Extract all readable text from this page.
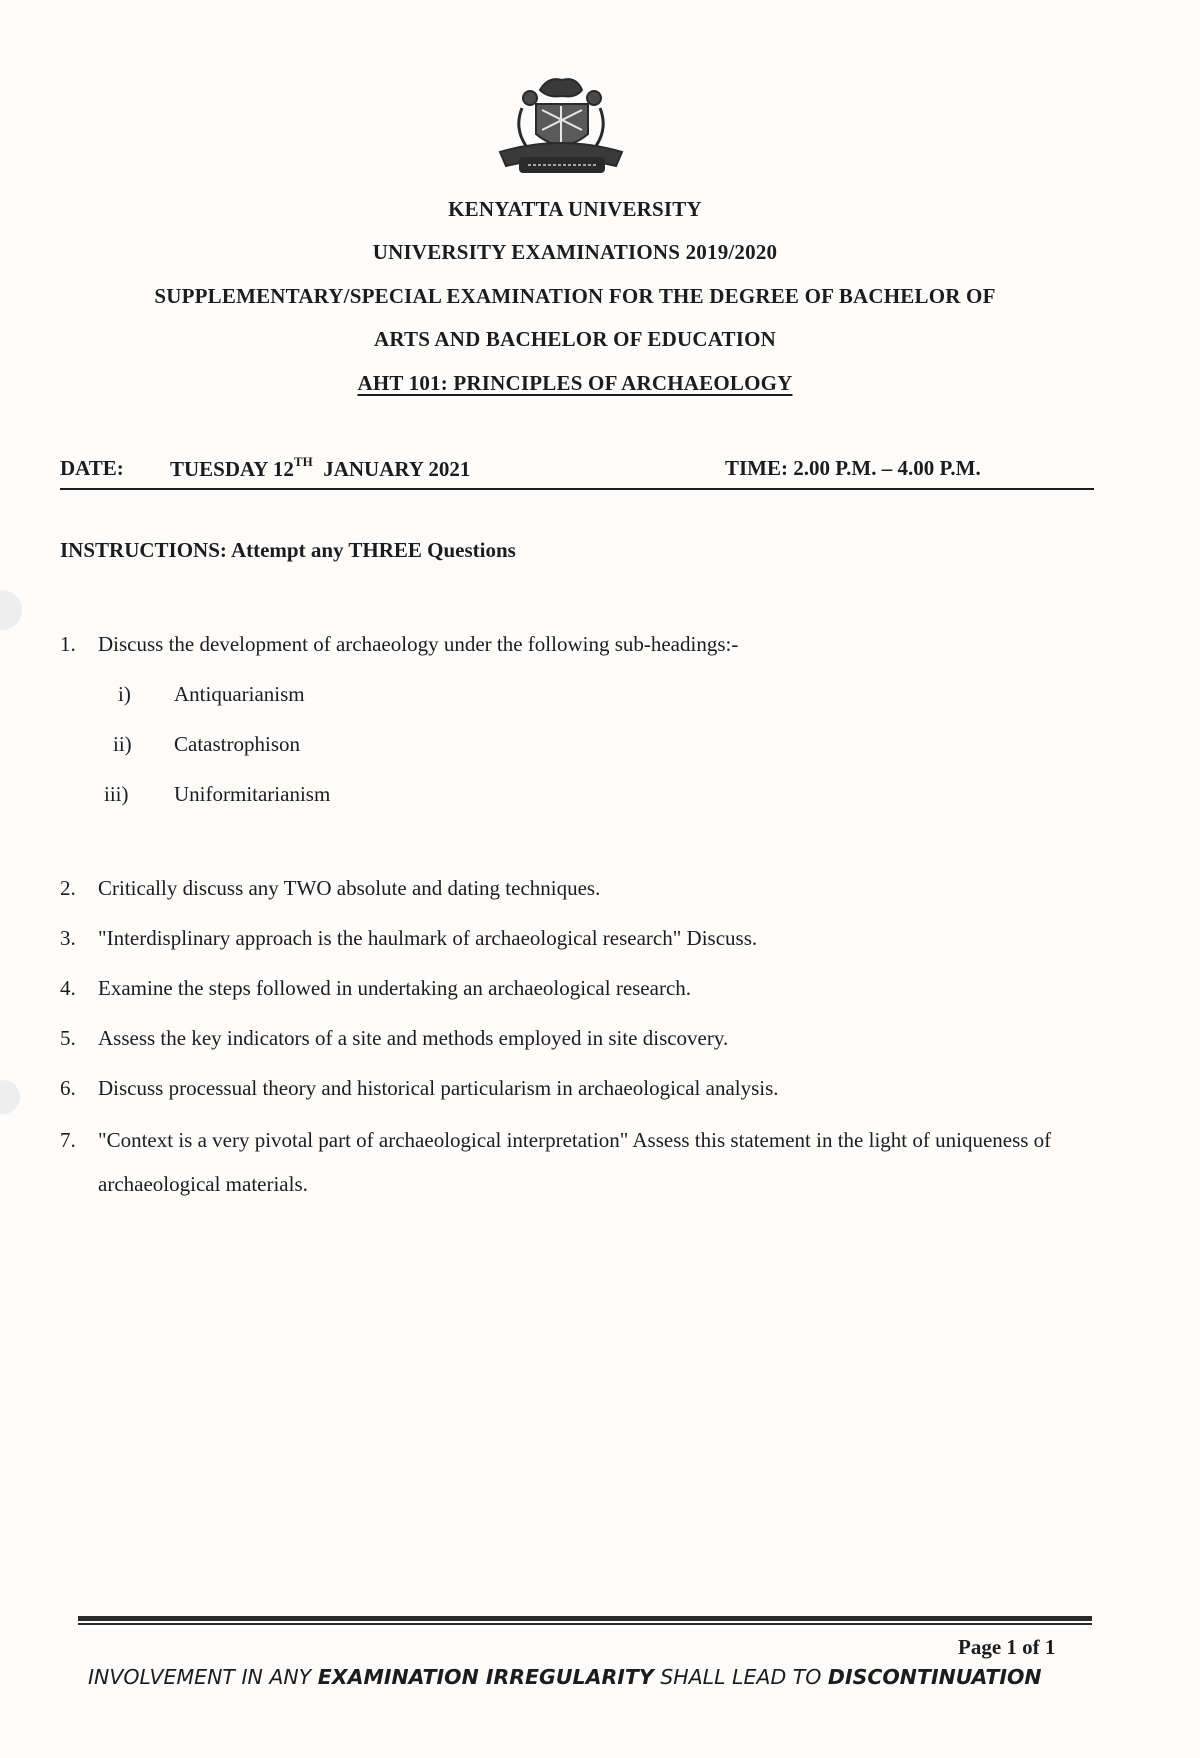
KENYATTA UNIVERSITY
UNIVERSITY EXAMINATIONS 2019/2020
SUPPLEMENTARY/SPECIAL EXAMINATION FOR THE DEGREE OF BACHELOR OF
ARTS AND BACHELOR OF EDUCATION
AHT 101: PRINCIPLES OF ARCHAEOLOGY
DATE: TUESDAY 12TH  JANUARY 2021	TIME: 2.00 P.M. – 4.00 P.M.
INSTRUCTIONS: Attempt any THREE Questions
1.	Discuss the development of archaeology under the following sub-headings:-
i) Antiquarianism
ii) Catastrophison
iii) Uniformitarianism
2.	Critically discuss any TWO absolute and dating techniques.
3.	"Interdisplinary approach is the haulmark of archaeological research" Discuss.
4.	Examine the steps followed in undertaking an archaeological research.
5.	Assess the key indicators of a site and methods employed in site discovery.
6.	Discuss processual theory and historical particularism in archaeological analysis.
7.	"Context is a very pivotal part of archaeological interpretation" Assess this statement in the light of uniqueness of archaeological materials.
Page 1 of 1
INVOLVEMENT IN ANY EXAMINATION IRREGULARITY SHALL LEAD TO DISCONTINUATION
